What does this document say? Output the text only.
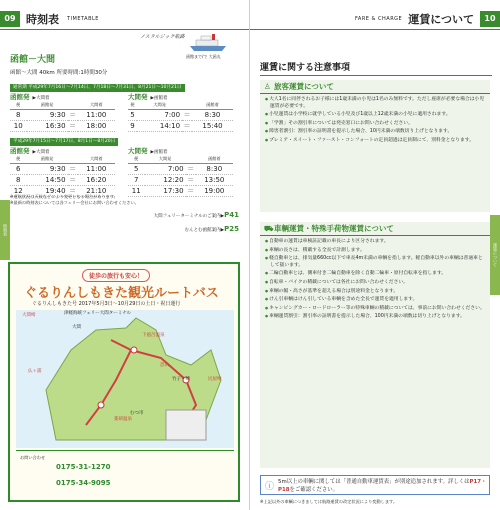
09 時刻表 TIMETABLE
ノスタルジック航路
函館まで/で 大函丸
函館－大間
函館～大間 40km 所要時間:1時間30分
通常期 平成29年7月16日～7月14日、7月18日～7月31日、8月21日～10月21日
函館発 ▶大間着
便	函館発		大間着
8	9:30	＝	11:00
10	16:30	＝	18:00
大間発 ▶函館着
便	大間発		函館着
5	7:00	＝	8:30
9	14:10	＝	15:40
平成29年7月15日～7月17日、8月1日～8月20日
函館発 ▶大間着
便	函館発		大間着
6	9:30	＝	11:00
8	14:50	＝	16:20
12	19:40	＝	21:10
大間発 ▶函館着
便	大間発		函館着
5	7:00	＝	8:30
7	12:20	＝	13:50
11	17:30	＝	19:00
※運航状況は天候などにより変更となる場合があります。
※最新の時刻表については各フェリー会社にお問い合わせください。
大間フェリーターミナルのご案内▶P41
むんとむ函館案内▶P25
時刻表
徒歩の旅行も安心！
ぐるりんしもきた観光ルートバス
ぐるりんしもきた号 2017年5月3日～10月29日の土日・祝日運行
大間崎	津軽海峡フェリー大間ターミナル
下風呂温泉
仏ヶ浦
恐山
むつ市
薬研温泉
尻屋崎
大間
竹子ヶ崎
お問い合わせ
0175-31-1270
0175-34-9095
FARE & CHARGE 運賃について	10
運賃に関する注意事項
♙ 旅客運賃について
● 大人1名に同伴されるお子様には1歳未満の小児は1名のみ無料です。ただし座席が必要な場合は小児運賃が必要です。
● 小児運賃は小学校に就学している小児及び1歳以上12歳未満の小児に適用されます。
● 「学割」その割引率については発売窓口にお問い合わせください。
● 障害者割引：割引率の証明書を提示した場合、10円未満の端数切り上げとなります。
● プレミア・スイート・ファースト・コンフォートの定員超過は定員制にて、別料金となります。
⛟車輌運賃・特殊手荷物運賃について
● 自動車の運賃は車検証記載の車長により区分されます。
● 車輌の長さは、積載する全長で計測します。
● 軽自動車とは、排気量660cc以下で車長4m未満の車輌を指します。軽自動車以外の車輌は普通車として扱います。
● 二輪自動車とは、側車付き二輪自動車を除く自動二輪車・原付自転車を指します。
● 自転車・バイクの積載については各社にお問い合わせください。
● 車輌の幅・高さが基準を超える場合は別途料金となります。
● けん引車輌はけん引している車輌を含めた全長で運賃を適用します。
● キャンピングカー・ロードローラー等の特殊車輌の積載については、事前にお問い合わせください。
● 車輌運賃割引：割引率の証明書を提示した場合、100円未満の端数は切り上げとなります。
ⓘ 5m以上の車輌に関しては「普通自動車運賃表」が別途追加されます。詳しくはP17・P18をご確認ください。
※上記以外の車輌につきましては航路運賃の改定状況により変動します。
運賃について
